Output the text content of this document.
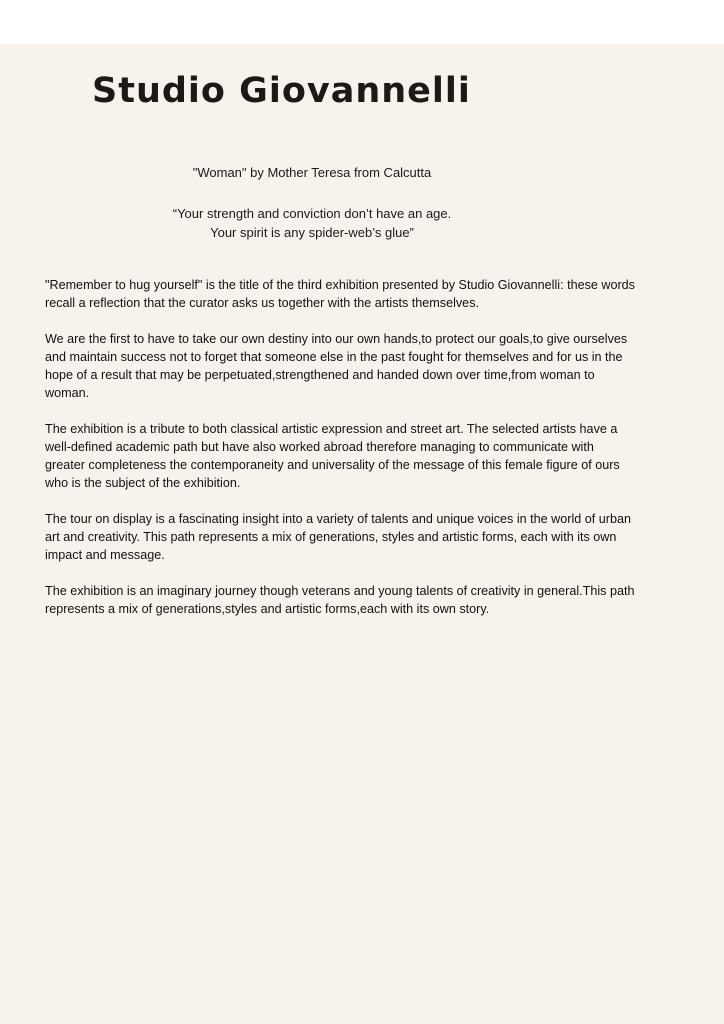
Studio Giovannelli
"Woman" by Mother Teresa from Calcutta
“Your strength and conviction don’t have an age.
Your spirit is any spider-web’s glue”

"Remember to hug yourself" is the title of the third exhibition presented by Studio Giovannelli: these words recall a reflection that the curator asks us together with the artists themselves.

We are the first to have to take our own destiny into our own hands,to protect our goals,to give ourselves and maintain success not to forget that someone else in the past fought for themselves and for us in the hope of a result that may be perpetuated,strengthened and handed down over time,from woman to woman.

The exhibition is a tribute to both classical artistic expression and street art. The selected artists have a well-defined academic path but have also worked abroad therefore managing to communicate with greater completeness the contemporaneity and universality of the message of this female figure of ours who is the subject of the exhibition.

The tour on display is a fascinating insight into a variety of talents and unique voices in the world of urban art and creativity. This path represents a mix of generations, styles and artistic forms, each with its own impact and message.

The exhibition is an imaginary journey though veterans and young talents of creativity in general.This path represents a mix of generations,styles and artistic forms,each with its own story.
